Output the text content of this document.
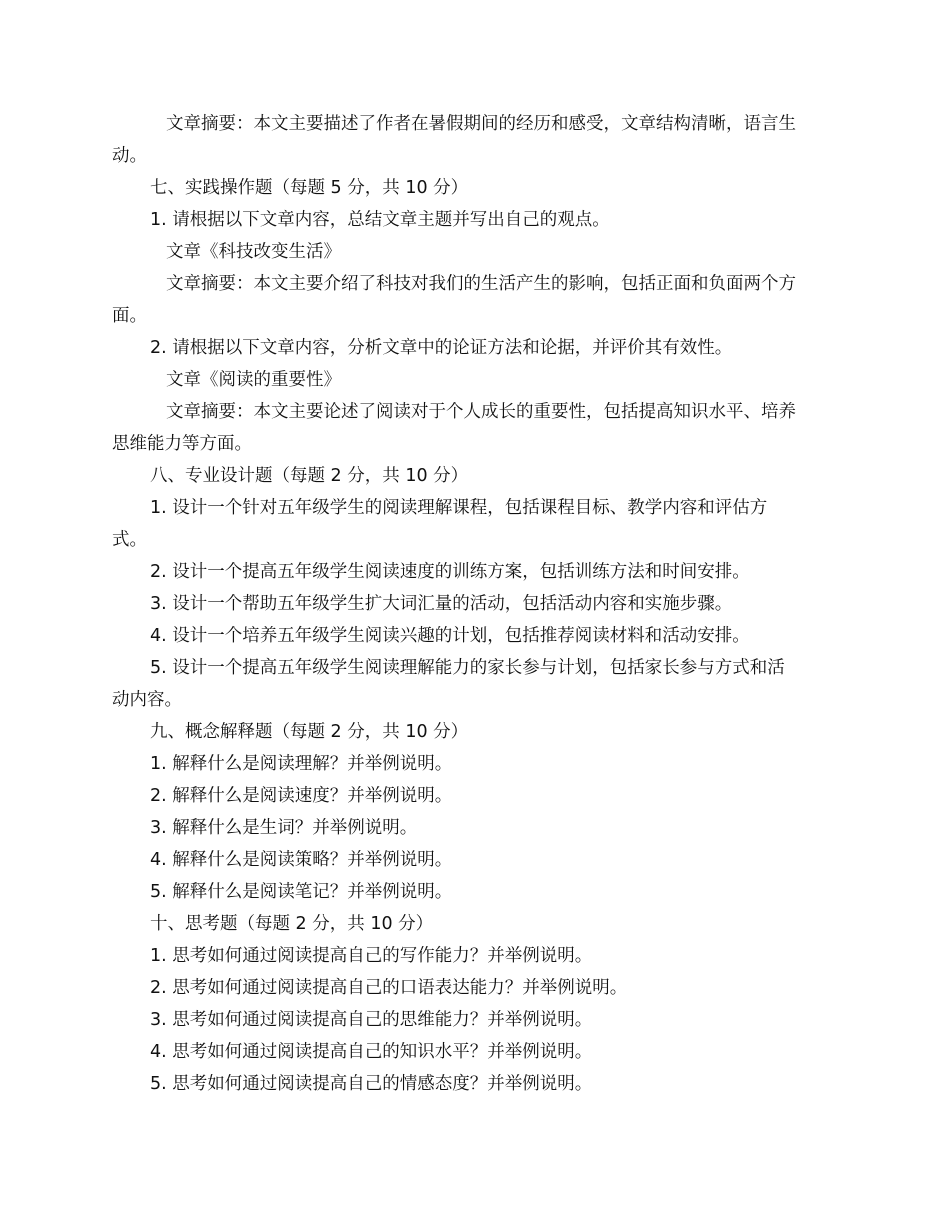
文章摘要：本文主要描述了作者在暑假期间的经历和感受，文章结构清晰，语言生

动。

七、实践操作题（每题 5 分，共 10 分）

1. 请根据以下文章内容，总结文章主题并写出自己的观点。

文章《科技改变生活》

文章摘要：本文主要介绍了科技对我们的生活产生的影响，包括正面和负面两个方

面。

2. 请根据以下文章内容，分析文章中的论证方法和论据，并评价其有效性。

文章《阅读的重要性》

文章摘要：本文主要论述了阅读对于个人成长的重要性，包括提高知识水平、培养

思维能力等方面。

八、专业设计题（每题 2 分，共 10 分）

1. 设计一个针对五年级学生的阅读理解课程，包括课程目标、教学内容和评估方

式。

2. 设计一个提高五年级学生阅读速度的训练方案，包括训练方法和时间安排。

3. 设计一个帮助五年级学生扩大词汇量的活动，包括活动内容和实施步骤。

4. 设计一个培养五年级学生阅读兴趣的计划，包括推荐阅读材料和活动安排。

5. 设计一个提高五年级学生阅读理解能力的家长参与计划，包括家长参与方式和活

动内容。

九、概念解释题（每题 2 分，共 10 分）

1. 解释什么是阅读理解？并举例说明。

2. 解释什么是阅读速度？并举例说明。

3. 解释什么是生词？并举例说明。

4. 解释什么是阅读策略？并举例说明。

5. 解释什么是阅读笔记？并举例说明。

十、思考题（每题 2 分，共 10 分）

1. 思考如何通过阅读提高自己的写作能力？并举例说明。

2. 思考如何通过阅读提高自己的口语表达能力？并举例说明。

3. 思考如何通过阅读提高自己的思维能力？并举例说明。

4. 思考如何通过阅读提高自己的知识水平？并举例说明。

5. 思考如何通过阅读提高自己的情感态度？并举例说明。
